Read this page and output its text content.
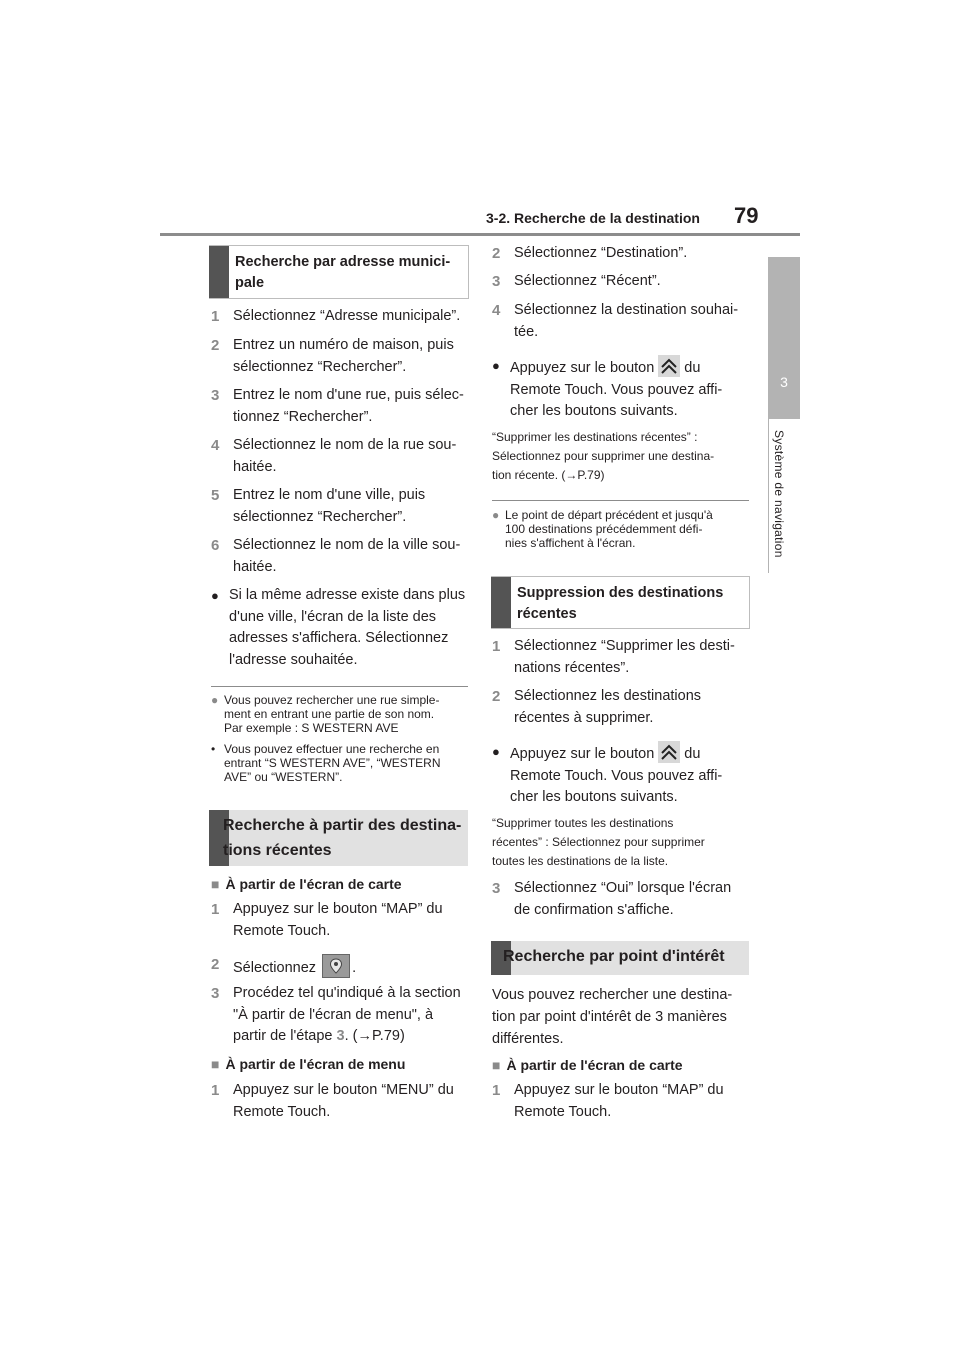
3-2. Recherche de la destination 79
3
Système de navigation
Recherche par adresse munici-
pale
1 Sélectionnez “Adresse municipale”.
2 Entrez un numéro de maison, puis
sélectionnez “Rechercher”.
3 Entrez le nom d'une rue, puis sélec-
tionnez “Rechercher”.
4 Sélectionnez le nom de la rue sou-
haitée.
5 Entrez le nom d'une ville, puis
sélectionnez “Rechercher”.
6 Sélectionnez le nom de la ville sou-
haitée.
● Si la même adresse existe dans plus
d'une ville, l'écran de la liste des
adresses s'affichera. Sélectionnez
l'adresse souhaitée.
● Vous pouvez rechercher une rue simple-
ment en entrant une partie de son nom.
Par exemple : S WESTERN AVE
• Vous pouvez effectuer une recherche en
entrant “S WESTERN AVE”, “WESTERN
AVE” ou “WESTERN”.
Recherche à partir des destina-
tions récentes
■ À partir de l'écran de carte
1 Appuyez sur le bouton “MAP” du
Remote Touch.
2 Sélectionnez .
3 Procédez tel qu'indiqué à la section
"À partir de l'écran de menu", à
partir de l'étape 3. (→P.79)
■ À partir de l'écran de menu
1 Appuyez sur le bouton “MENU” du
Remote Touch.
2 Sélectionnez “Destination”.
3 Sélectionnez “Récent”.
4 Sélectionnez la destination souhai-
tée.
● Appuyez sur le bouton du
Remote Touch. Vous pouvez affi-
cher les boutons suivants.
“Supprimer les destinations récentes” :
Sélectionnez pour supprimer une destina-
tion récente. (→P.79)
● Le point de départ précédent et jusqu'à
100 destinations précédemment défi-
nies s'affichent à l'écran.
Suppression des destinations
récentes
1 Sélectionnez “Supprimer les desti-
nations récentes”.
2 Sélectionnez les destinations
récentes à supprimer.
● Appuyez sur le bouton du
Remote Touch. Vous pouvez affi-
cher les boutons suivants.
“Supprimer toutes les destinations
récentes” : Sélectionnez pour supprimer
toutes les destinations de la liste.
3 Sélectionnez “Oui” lorsque l'écran
de confirmation s'affiche.
Recherche par point d'intérêt
Vous pouvez rechercher une destina-
tion par point d'intérêt de 3 manières
différentes.
■ À partir de l'écran de carte
1 Appuyez sur le bouton “MAP” du
Remote Touch.
